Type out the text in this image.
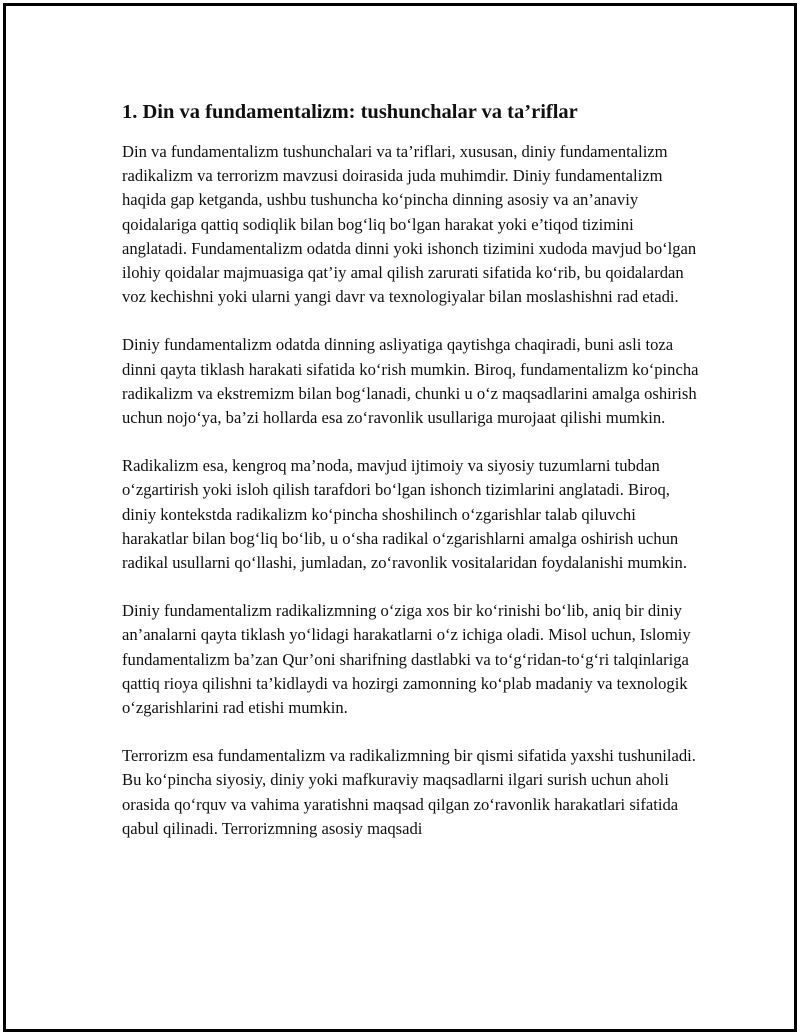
1. Din va fundamentalizm: tushunchalar va ta’riflar

Din va fundamentalizm tushunchalari va ta’riflari, xususan, diniy fundamentalizm radikalizm va terrorizm mavzusi doirasida juda muhimdir. Diniy fundamentalizm haqida gap ketganda, ushbu tushuncha ko‘pincha dinning asosiy va an’anaviy qoidalariga qattiq sodiqlik bilan bog‘liq bo‘lgan harakat yoki e’tiqod tizimini anglatadi. Fundamentalizm odatda dinni yoki ishonch tizimini xudoda mavjud bo‘lgan ilohiy qoidalar majmuasiga qat’iy amal qilish zarurati sifatida ko‘rib, bu qoidalardan voz kechishni yoki ularni yangi davr va texnologiyalar bilan moslashishni rad etadi.

Diniy fundamentalizm odatda dinning asliyatiga qaytishga chaqiradi, buni asli toza dinni qayta tiklash harakati sifatida ko‘rish mumkin. Biroq, fundamentalizm ko‘pincha radikalizm va ekstremizm bilan bog‘lanadi, chunki u o‘z maqsadlarini amalga oshirish uchun nojo‘ya, ba’zi hollarda esa zo‘ravonlik usullariga murojaat qilishi mumkin.

Radikalizm esa, kengroq ma’noda, mavjud ijtimoiy va siyosiy tuzumlarni tubdan o‘zgartirish yoki isloh qilish tarafdori bo‘lgan ishonch tizimlarini anglatadi. Biroq, diniy kontekstda radikalizm ko‘pincha shoshilinch o‘zgarishlar talab qiluvchi harakatlar bilan bog‘liq bo‘lib, u o‘sha radikal o‘zgarishlarni amalga oshirish uchun radikal usullarni qo‘llashi, jumladan, zo‘ravonlik vositalaridan foydalanishi mumkin.

Diniy fundamentalizm radikalizmning o‘ziga xos bir ko‘rinishi bo‘lib, aniq bir diniy an’analarni qayta tiklash yo‘lidagi harakatlarni o‘z ichiga oladi. Misol uchun, Islomiy fundamentalizm ba’zan Qur’oni sharifning dastlabki va to‘g‘ridan-to‘g‘ri talqinlariga qattiq rioya qilishni ta’kidlaydi va hozirgi zamonning ko‘plab madaniy va texnologik o‘zgarishlarini rad etishi mumkin.

Terrorizm esa fundamentalizm va radikalizmning bir qismi sifatida yaxshi tushuniladi. Bu ko‘pincha siyosiy, diniy yoki mafkuraviy maqsadlarni ilgari surish uchun aholi orasida qo‘rquv va vahima yaratishni maqsad qilgan zo‘ravonlik harakatlari sifatida qabul qilinadi. Terrorizmning asosiy maqsadi
